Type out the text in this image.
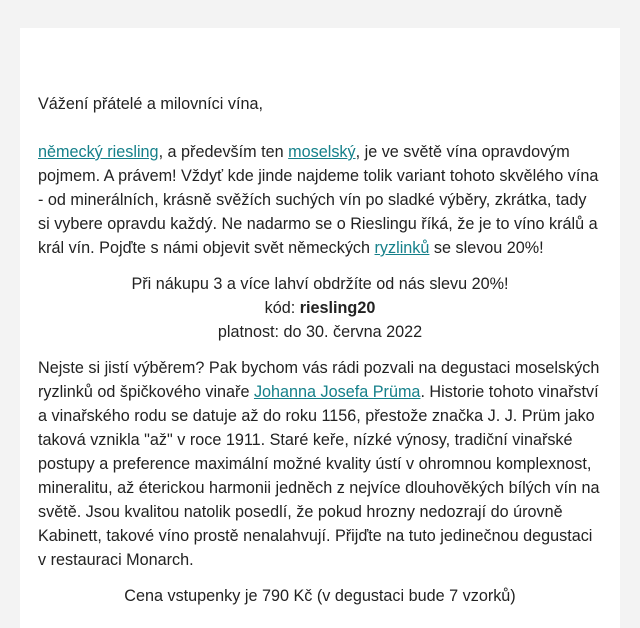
Vážení přátelé a milovníci vína,

německý riesling, a především ten moselský, je ve světě vína opravdovým pojmem. A právem! Vždyť kde jinde najdeme tolik variant tohoto skvělého vína - od minerálních, krásně svěžích suchých vín po sladké výběry, zkrátka, tady si vybere opravdu každý. Ne nadarmo se o Rieslingu říká, že je to víno králů a král vín. Pojďte s námi objevit svět německých ryzlinků se slevou 20%!

Při nákupu 3 a více lahví obdržíte od nás slevu 20%!
kód: riesling20
platnost: do 30. června 2022

Nejste si jistí výběrem? Pak bychom vás rádi pozvali na degustaci moselských ryzlinků od špičkového vinaře Johanna Josefa Prüma. Historie tohoto vinařství a vinařského rodu se datuje až do roku 1156, přestože značka J. J. Prüm jako taková vznikla "až" v roce 1911. Staré keře, nízké výnosy, tradiční vinařské postupy a preference maximální možné kvality ústí v ohromnou komplexnost, mineralitu, až éterickou harmonii jedněch z nejvíce dlouhověkých bílých vín na světě. Jsou kvalitou natolik posedlí, že pokud hrozny nedozrají do úrovně Kabinett, takové víno prostě nenalahvují. Přijďte na tuto jedinečnou degustaci v restauraci Monarch.

Cena vstupenky je 790 Kč (v degustaci bude 7 vzorků)
